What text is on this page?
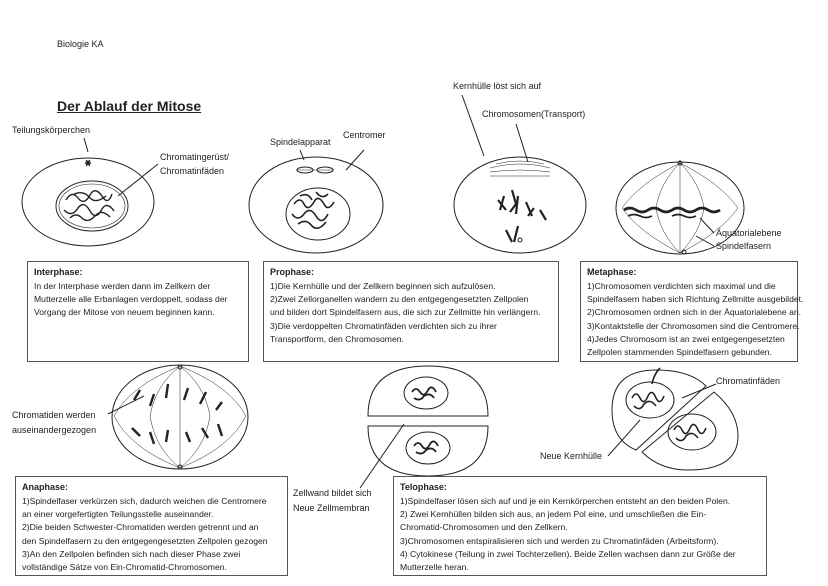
Biologie KA
Der Ablauf der Mitose
Teilungskörperchen
Chromatingerüst/
Chromatinfäden
Spindelapparat
Centromer
Kernhülle löst sich auf
Chromosomen(Transport)
Äquatorialebene
Spindelfasern
Chromatiden werden
auseinandergezogen
Zellwand bildet sich
Neue Zellmembran
Chromatinfäden
Neue Kernhülle
Interphase:
In der Interphase werden dann im Zellkern der
Mutterzelle alle Erbanlagen verdoppelt, sodass der
Vorgang der Mitose von neuem beginnen kann.
Prophase:
1)Die Kernhülle und der Zellkern beginnen sich aufzulösen.
2)Zwei Zellorganellen wandern zu den entgegengesetzten Zellpolen
und bilden dort Spindelfasern aus, die sich zur Zellmitte hin verlängern.
3)Die verdoppelten Chromatinfäden verdichten sich zu ihrer
Transportform, den Chromosomen.
Metaphase:
1)Chromosomen verdichten sich maximal und die
Spindelfasern haben sich Richtung Zellmitte ausgebildet.
2)Chromosomen ordnen sich in der Äquatorialebene an.
3)Kontaktstelle der Chromosomen sind die Centromere.
4)Jedes Chromosom ist an zwei entgegengesetzten
Zellpolen stammenden Spindelfasern gebunden.
Anaphase:
1)Spindelfaser verkürzen sich, dadurch weichen die Centromere
an einer vorgefertigten Teilungsstelle auseinander.
2)Die beiden Schwester-Chromatiden werden getrennt und an
den Spindelfasern zu den entgegengesetzten Zellpolen gezogen
3)An den Zellpolen befinden sich nach dieser Phase zwei
vollständige Sätze von Ein-Chromatid-Chromosomen.
Telophase:
1)Spindelfaser lösen sich auf und je ein Kernkörperchen entsteht an den beiden Polen.
2) Zwei Kernhüllen bilden sich aus, an jedem Pol eine, und umschließen die Ein-
Chromatid-Chromosomen und den Zellkern.
3)Chromosomen entspiralisieren sich und werden zu Chromatinfäden (Arbeitsform).
4) Cytokinese (Teilung in zwei Tochterzellen). Beide Zellen wachsen dann zur Größe der
Mutterzelle heran.
